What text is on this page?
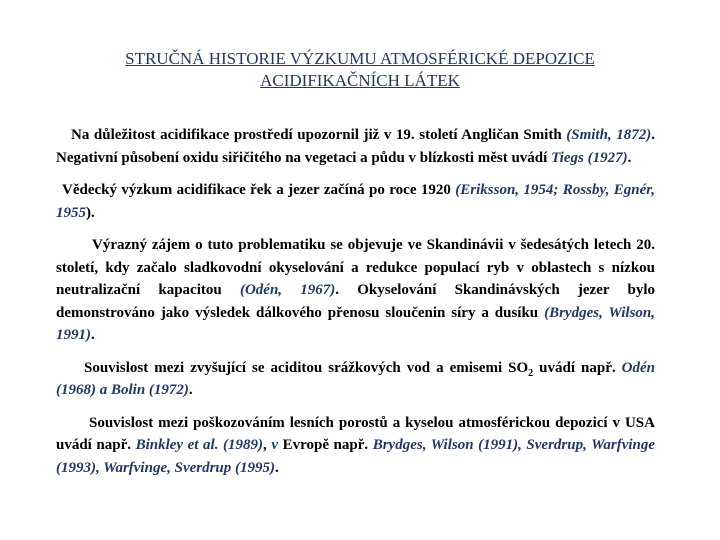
STRUČNÁ HISTORIE VÝZKUMU ATMOSFÉRICKÉ DEPOZICE
ACIDIFIKAČNÍCH LÁTEK

Na důležitost acidifikace prostředí upozornil již v 19. století Angličan Smith (Smith, 1872). Negativní působení oxidu siřičitého na vegetaci a půdu v blízkosti měst uvádí Tiegs (1927).

Vědecký výzkum acidifikace řek a jezer začíná po roce 1920 (Eriksson, 1954; Rossby, Egnér, 1955).

Výrazný zájem o tuto problematiku se objevuje ve Skandinávii v šedesátých letech 20. století, kdy začalo sladkovodní okyselování a redukce populací ryb v oblastech s nízkou neutralizační kapacitou (Odén, 1967). Okyselování Skandinávských jezer bylo demonstrováno jako výsledek dálkového přenosu sloučenin síry a dusíku (Brydges, Wilson, 1991).

Souvislost mezi zvyšující se aciditou srážkových vod a emisemi $SO_2$ uvádí např. Odén (1968) a Bolin (1972).

Souvislost mezi poškozováním lesních porostů a kyselou atmosférickou depozicí v USA uvádí např. Binkley et al. (1989), v Evropě např. Brydges, Wilson (1991), Sverdrup, Warfvinge (1993), Warfvinge, Sverdrup (1995).
